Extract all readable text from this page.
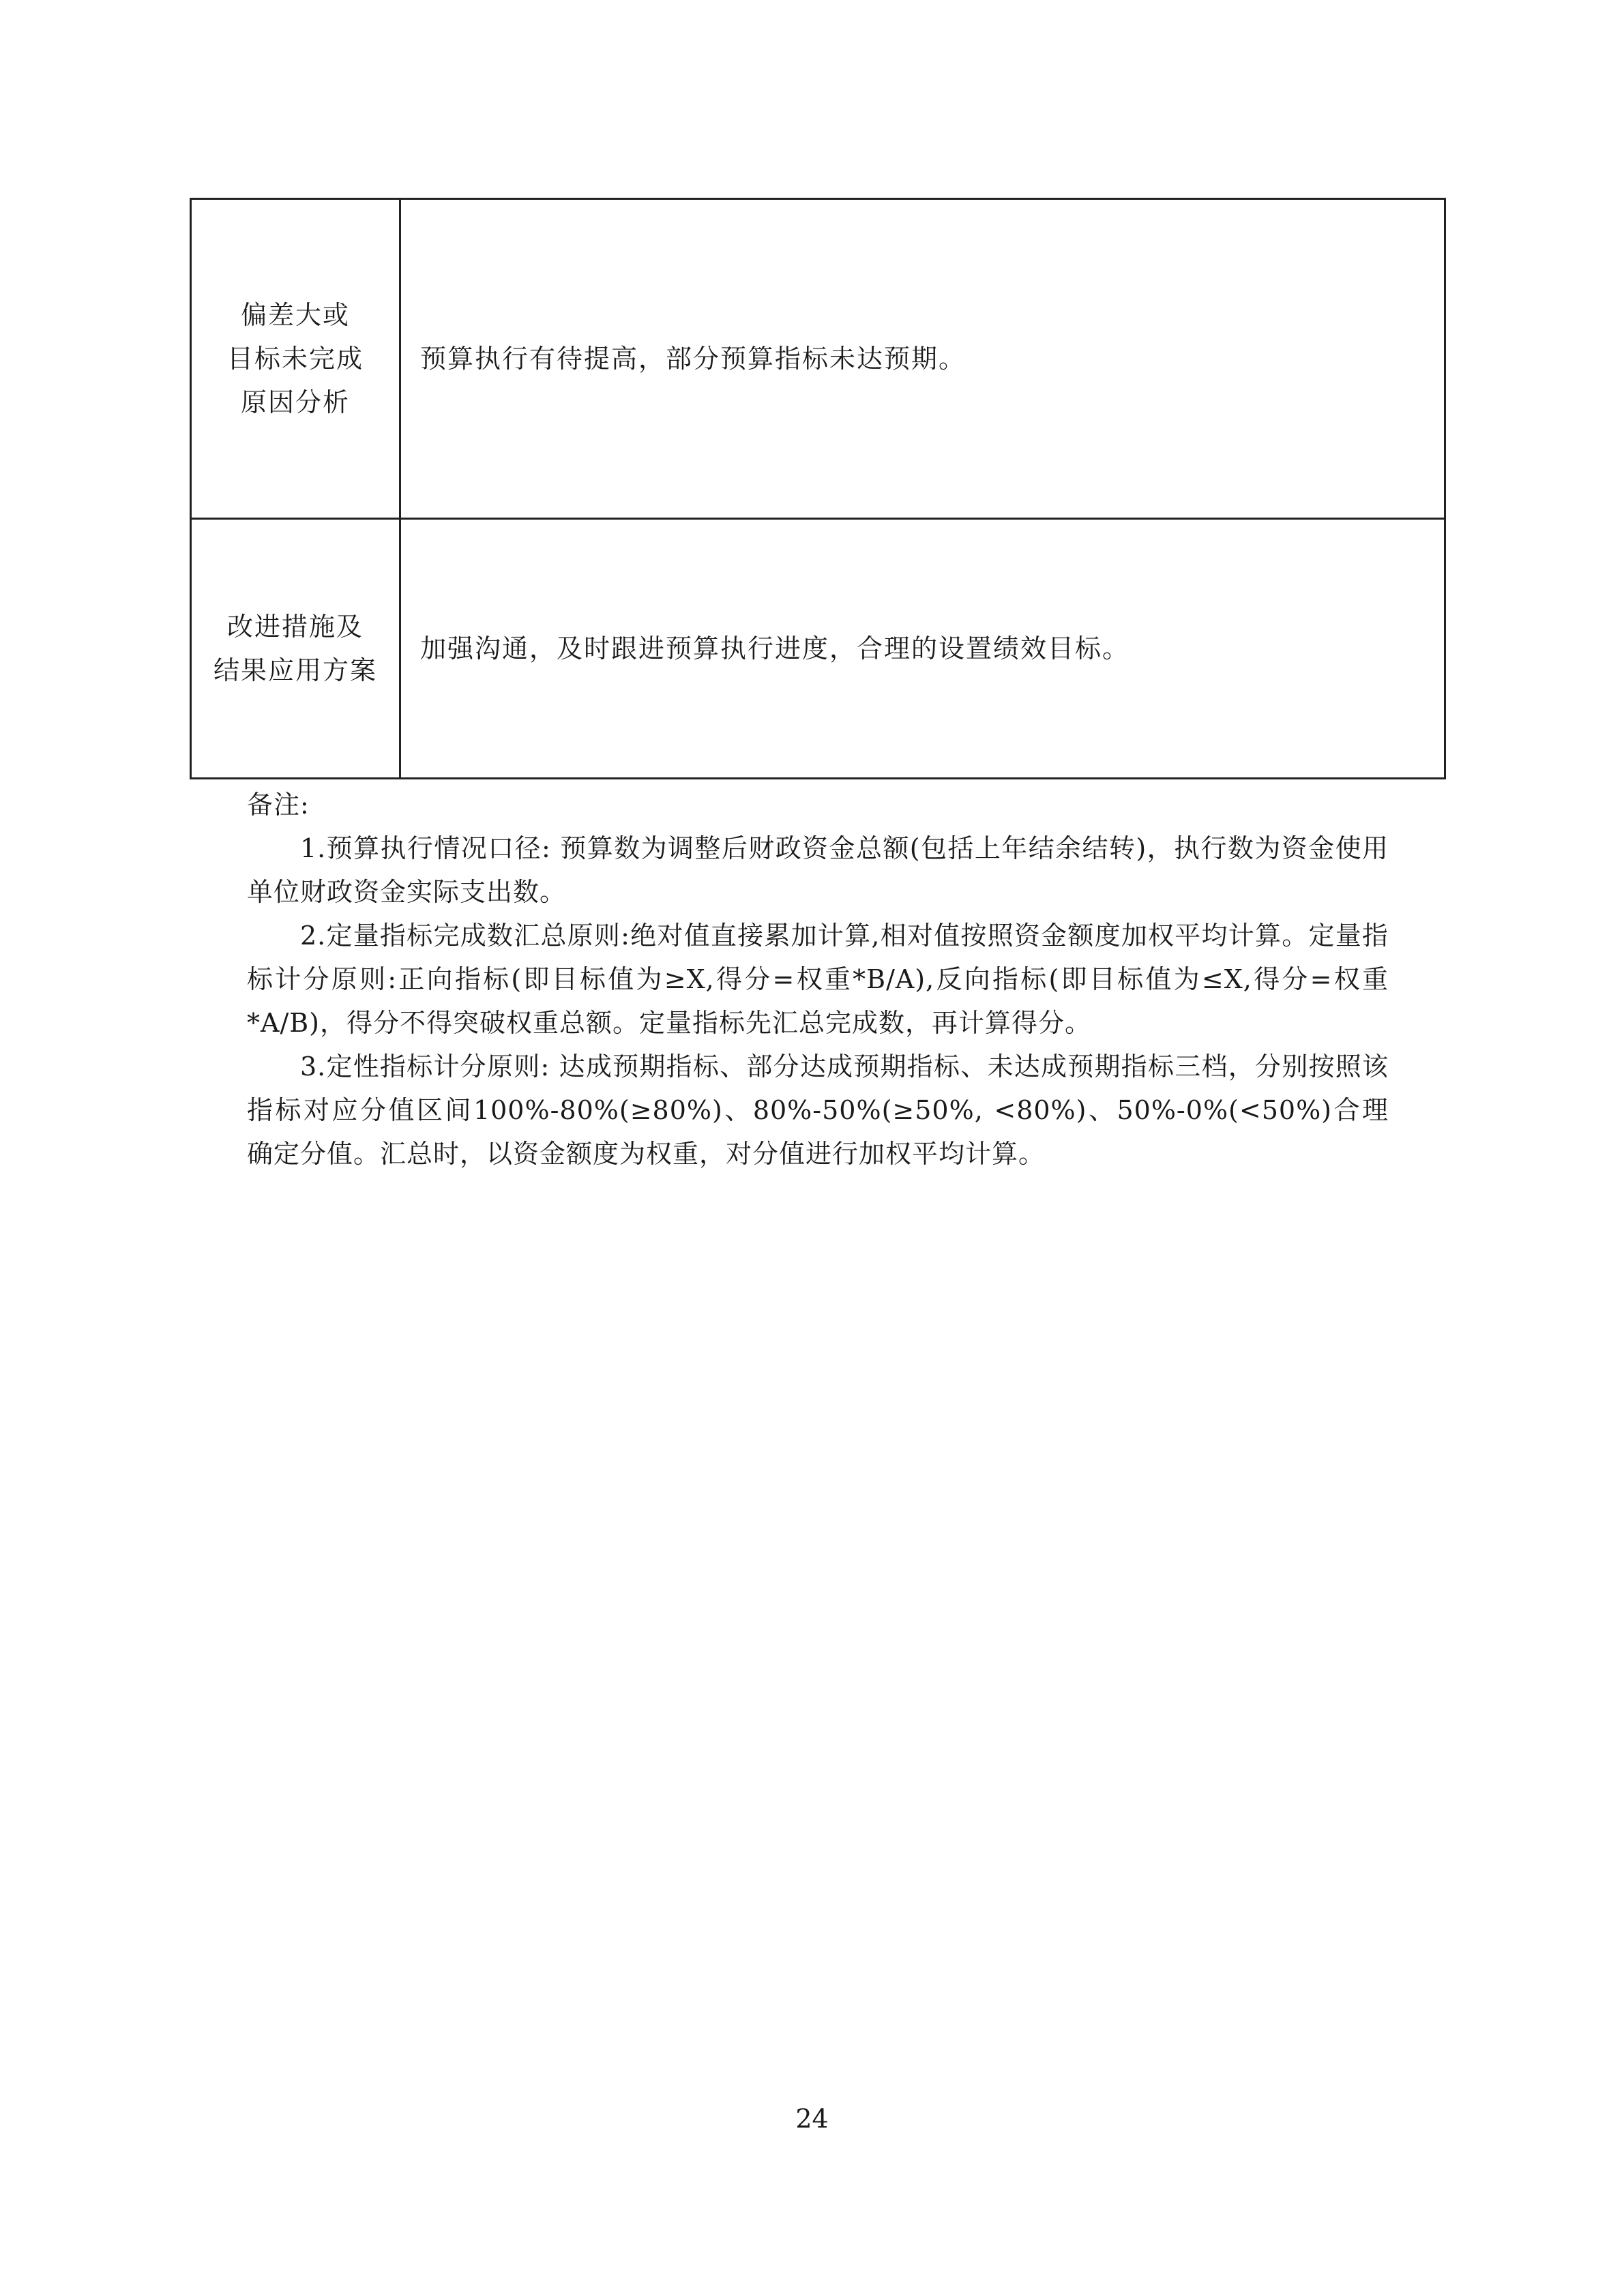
偏差大或
目标未完成
原因分析	预算执行有待提高，部分预算指标未达预期。

改进措施及
结果应用方案	加强沟通，及时跟进预算执行进度，合理的设置绩效目标。

备注:

1.预算执行情况口径: 预算数为调整后财政资金总额(包括上年结余结转)，执行数为资金使用单位财政资金实际支出数。

2.定量指标完成数汇总原则:绝对值直接累加计算,相对值按照资金额度加权平均计算。定量指标计分原则:正向指标(即目标值为≥X,得分=权重*B/A),反向指标(即目标值为≤X,得分=权重*A/B)，得分不得突破权重总额。定量指标先汇总完成数，再计算得分。

3.定性指标计分原则: 达成预期指标、部分达成预期指标、未达成预期指标三档，分别按照该指标对应分值区间100%-80%(≥80%)、80%-50%(≥50%, <80%)、50%-0%(<50%)合理确定分值。汇总时，以资金额度为权重，对分值进行加权平均计算。

24
